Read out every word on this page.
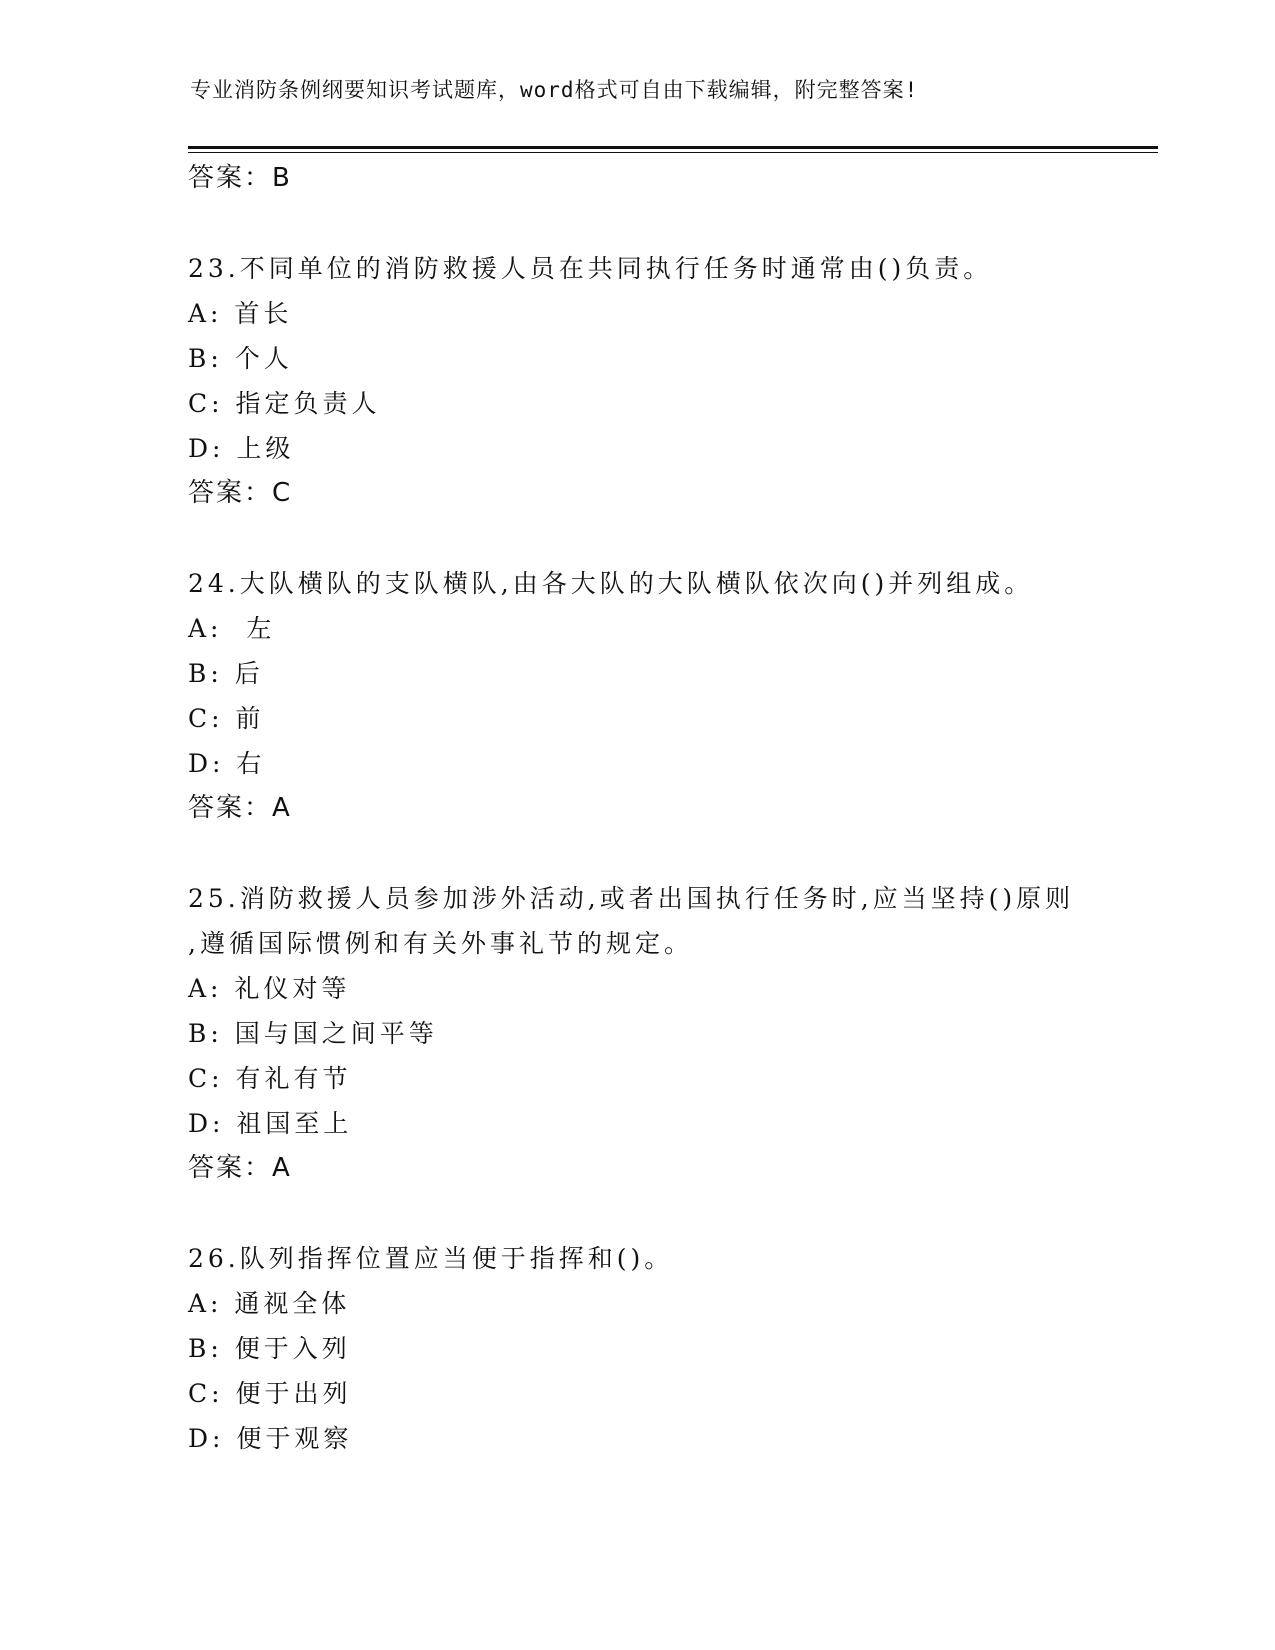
专业消防条例纲要知识考试题库，word格式可自由下载编辑，附完整答案!
答案：B
23.不同单位的消防救援人员在共同执行任务时通常由()负责。
A: 首长
B: 个人
C: 指定负责人
D: 上级
答案：C
24.大队横队的支队横队,由各大队的大队横队依次向()并列组成。
A:  左
B: 后
C: 前
D: 右
答案：A
25.消防救援人员参加涉外活动,或者出国执行任务时,应当坚持()原则
,遵循国际惯例和有关外事礼节的规定。
A: 礼仪对等
B: 国与国之间平等
C: 有礼有节
D: 祖国至上
答案：A
26.队列指挥位置应当便于指挥和()。
A: 通视全体
B: 便于入列
C: 便于出列
D: 便于观察
